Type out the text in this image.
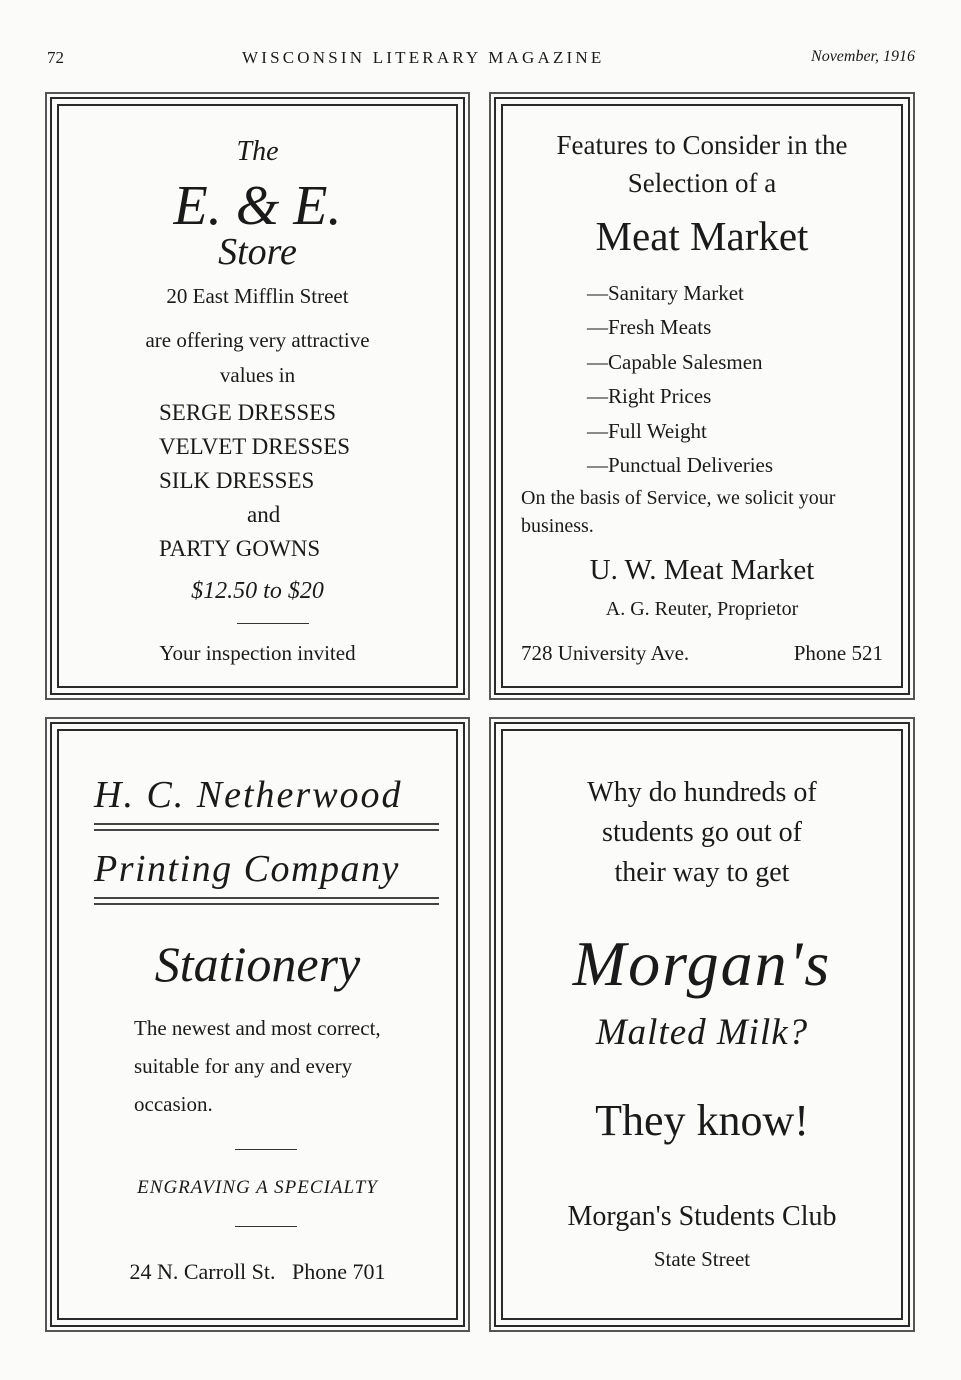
72	WISCONSIN LITERARY MAGAZINE	November, 1916
The
E. & E.
Store
20 East Mifflin Street
are offering very attractive
values in
SERGE DRESSES
VELVET DRESSES
SILK DRESSES
and
PARTY GOWNS
$12.50 to $20
Your inspection invited
Features to Consider in the
Selection of a
Meat Market
—Sanitary Market
—Fresh Meats
—Capable Salesmen
—Right Prices
—Full Weight
—Punctual Deliveries
On the basis of Service, we solicit your business.
U. W. Meat Market
A. G. Reuter, Proprietor
728 University Ave.	Phone 521
H. C. Netherwood
Printing Company
Stationery
The newest and most correct, suitable for any and every occasion.
ENGRAVING A SPECIALTY
24 N. Carroll St.   Phone 701
Why do hundreds of
students go out of
their way to get
Morgan's
Malted Milk?
They know!
Morgan's Students Club
State Street
